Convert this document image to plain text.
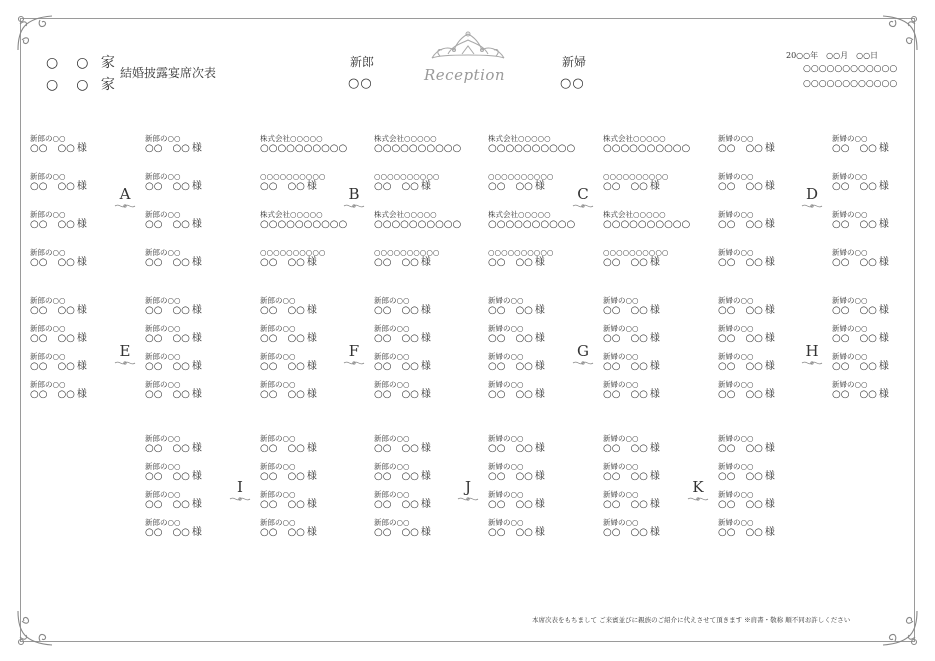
○　○ 家
○　○ 家
結婚披露宴席次表
新郎
○○
新婦
○○
Reception
20○○年　○○月　○○日
○○○○○○○○○○○○
○○○○○○○○○○○○
新郎の○○
○○　○○ 様
新郎の○○
○○　○○ 様
新郎の○○
○○　○○ 様
新郎の○○
○○　○○ 様
新郎の○○
○○　○○ 様
新郎の○○
○○　○○ 様
新郎の○○
○○　○○ 様
新郎の○○
○○　○○ 様
A
株式会社○○○○○
○○○○○○○○○○
○○○○○○○○○○
○○　○○ 様
株式会社○○○○○
○○○○○○○○○○
○○○○○○○○○○
○○　○○ 様
株式会社○○○○○
○○○○○○○○○○
○○○○○○○○○○
○○　○○ 様
株式会社○○○○○
○○○○○○○○○○
○○○○○○○○○○
○○　○○ 様
B
株式会社○○○○○
○○○○○○○○○○
○○○○○○○○○○
○○　○○ 様
株式会社○○○○○
○○○○○○○○○○
○○○○○○○○○○
○○　○○ 様
株式会社○○○○○
○○○○○○○○○○
○○○○○○○○○○
○○　○○ 様
株式会社○○○○○
○○○○○○○○○○
○○○○○○○○○○
○○　○○ 様
C
新婦の○○
○○　○○ 様
新婦の○○
○○　○○ 様
新婦の○○
○○　○○ 様
新婦の○○
○○　○○ 様
新婦の○○
○○　○○ 様
新婦の○○
○○　○○ 様
新婦の○○
○○　○○ 様
新婦の○○
○○　○○ 様
D
新郎の○○
○○　○○ 様
新郎の○○
○○　○○ 様
新郎の○○
○○　○○ 様
新郎の○○
○○　○○ 様
新郎の○○
○○　○○ 様
新郎の○○
○○　○○ 様
新郎の○○
○○　○○ 様
新郎の○○
○○　○○ 様
E
新郎の○○
○○　○○ 様
新郎の○○
○○　○○ 様
新郎の○○
○○　○○ 様
新郎の○○
○○　○○ 様
新郎の○○
○○　○○ 様
新郎の○○
○○　○○ 様
新郎の○○
○○　○○ 様
新郎の○○
○○　○○ 様
F
新婦の○○
○○　○○ 様
新婦の○○
○○　○○ 様
新婦の○○
○○　○○ 様
新婦の○○
○○　○○ 様
新婦の○○
○○　○○ 様
新婦の○○
○○　○○ 様
新婦の○○
○○　○○ 様
新婦の○○
○○　○○ 様
G
新婦の○○
○○　○○ 様
新婦の○○
○○　○○ 様
新婦の○○
○○　○○ 様
新婦の○○
○○　○○ 様
新婦の○○
○○　○○ 様
新婦の○○
○○　○○ 様
新婦の○○
○○　○○ 様
新婦の○○
○○　○○ 様
H
新郎の○○
○○　○○ 様
新郎の○○
○○　○○ 様
新郎の○○
○○　○○ 様
新郎の○○
○○　○○ 様
新郎の○○
○○　○○ 様
新郎の○○
○○　○○ 様
新郎の○○
○○　○○ 様
新郎の○○
○○　○○ 様
I
新郎の○○
○○　○○ 様
新郎の○○
○○　○○ 様
新郎の○○
○○　○○ 様
新郎の○○
○○　○○ 様
新婦の○○
○○　○○ 様
新婦の○○
○○　○○ 様
新婦の○○
○○　○○ 様
新婦の○○
○○　○○ 様
J
新婦の○○
○○　○○ 様
新婦の○○
○○　○○ 様
新婦の○○
○○　○○ 様
新婦の○○
○○　○○ 様
新婦の○○
○○　○○ 様
新婦の○○
○○　○○ 様
新婦の○○
○○　○○ 様
新婦の○○
○○　○○ 様
K
本席次表をもちまして ご来賓並びに親族のご紹介に代えさせて頂きます ※肩書・敬称 順不同お許しください
